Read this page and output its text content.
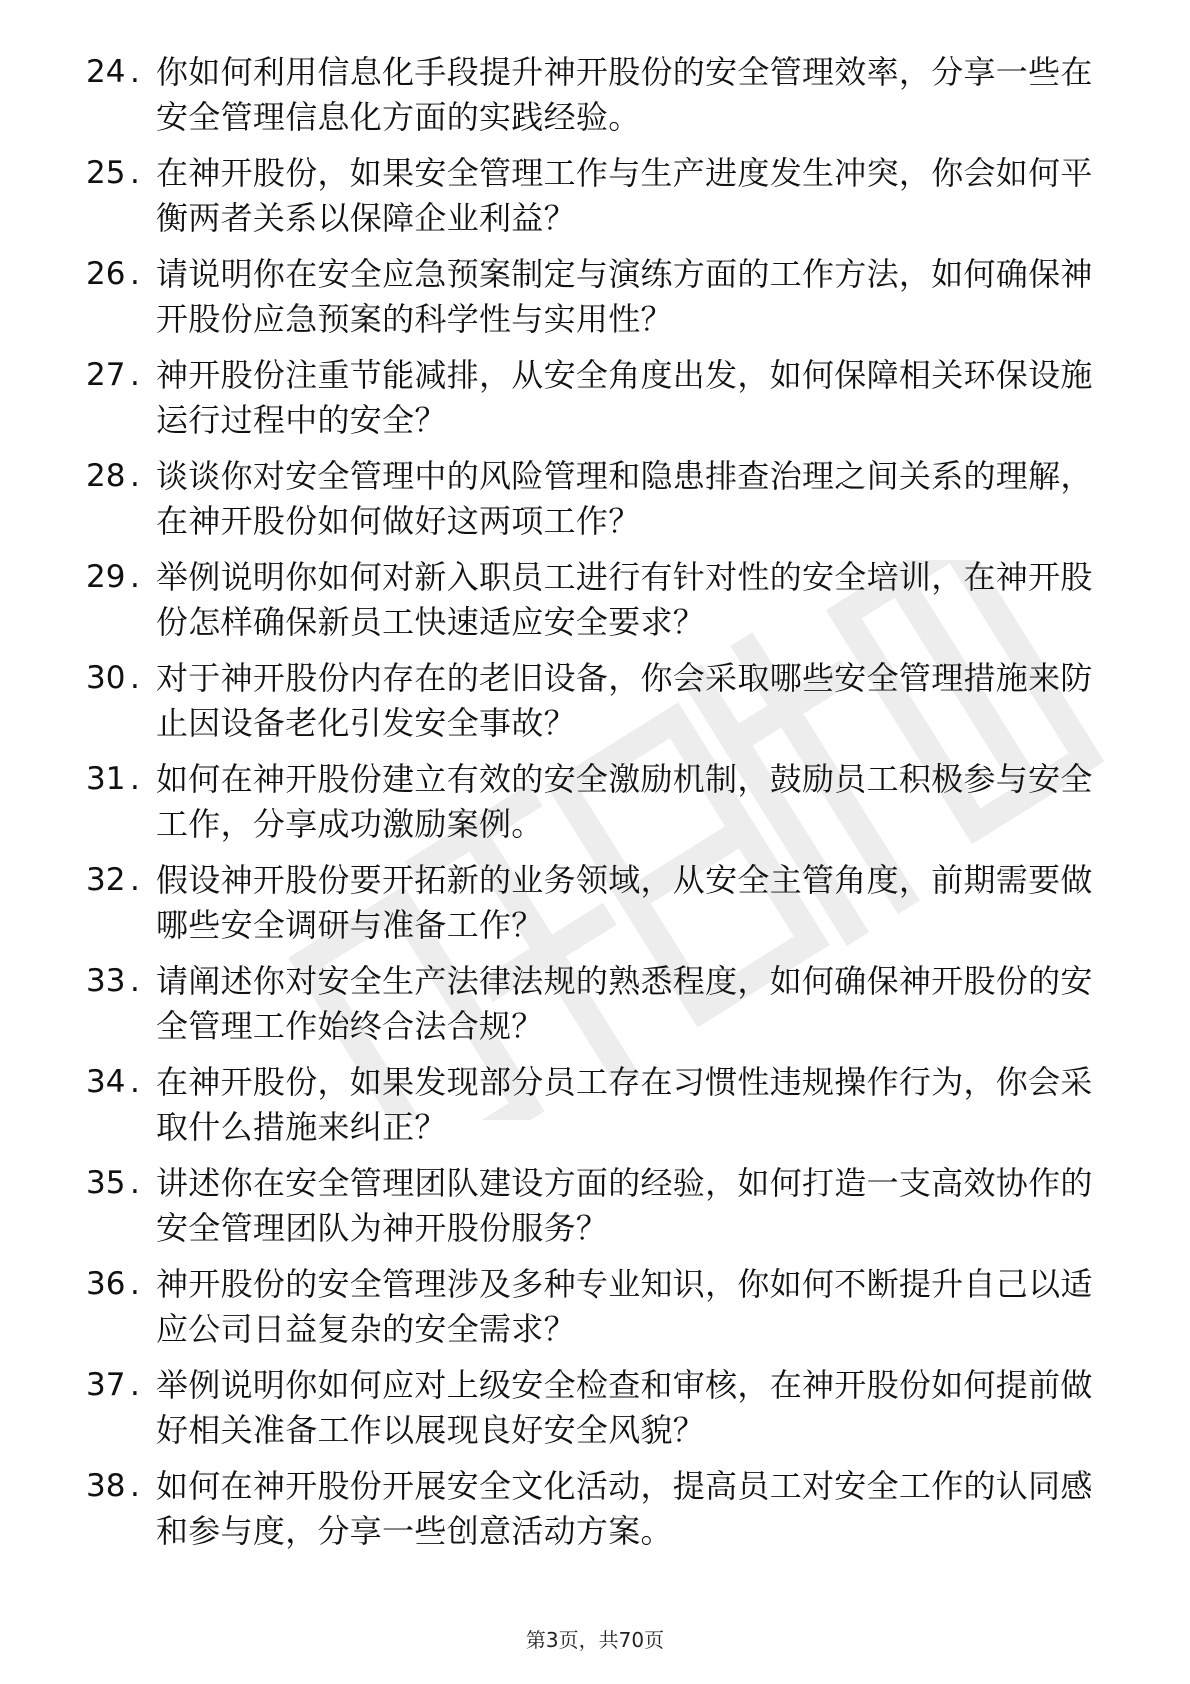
24 . 你如何利用信息化手段提升神开股份的安全管理效率，分享一些在安全管理信息化方面的实践经验。
25 . 在神开股份，如果安全管理工作与生产进度发生冲突，你会如何平衡两者关系以保障企业利益？
26 . 请说明你在安全应急预案制定与演练方面的工作方法，如何确保神开股份应急预案的科学性与实用性？
27 . 神开股份注重节能减排，从安全角度出发，如何保障相关环保设施运行过程中的安全？
28 . 谈谈你对安全管理中的风险管理和隐患排查治理之间关系的理解，在神开股份如何做好这两项工作？
29 . 举例说明你如何对新入职员工进行有针对性的安全培训，在神开股份怎样确保新员工快速适应安全要求？
30 . 对于神开股份内存在的老旧设备，你会采取哪些安全管理措施来防止因设备老化引发安全事故？
31 . 如何在神开股份建立有效的安全激励机制，鼓励员工积极参与安全工作，分享成功激励案例。
32 . 假设神开股份要开拓新的业务领域，从安全主管角度，前期需要做哪些安全调研与准备工作？
33 . 请阐述你对安全生产法律法规的熟悉程度，如何确保神开股份的安全管理工作始终合法合规？
34 . 在神开股份，如果发现部分员工存在习惯性违规操作行为，你会采取什么措施来纠正？
35 . 讲述你在安全管理团队建设方面的经验，如何打造一支高效协作的安全管理团队为神开股份服务？
36 . 神开股份的安全管理涉及多种专业知识，你如何不断提升自己以适应公司日益复杂的安全需求？
37 . 举例说明你如何应对上级安全检查和审核，在神开股份如何提前做好相关准备工作以展现良好安全风貌？
38 . 如何在神开股份开展安全文化活动，提高员工对安全工作的认同感和参与度，分享一些创意活动方案。
第3页，共70页
